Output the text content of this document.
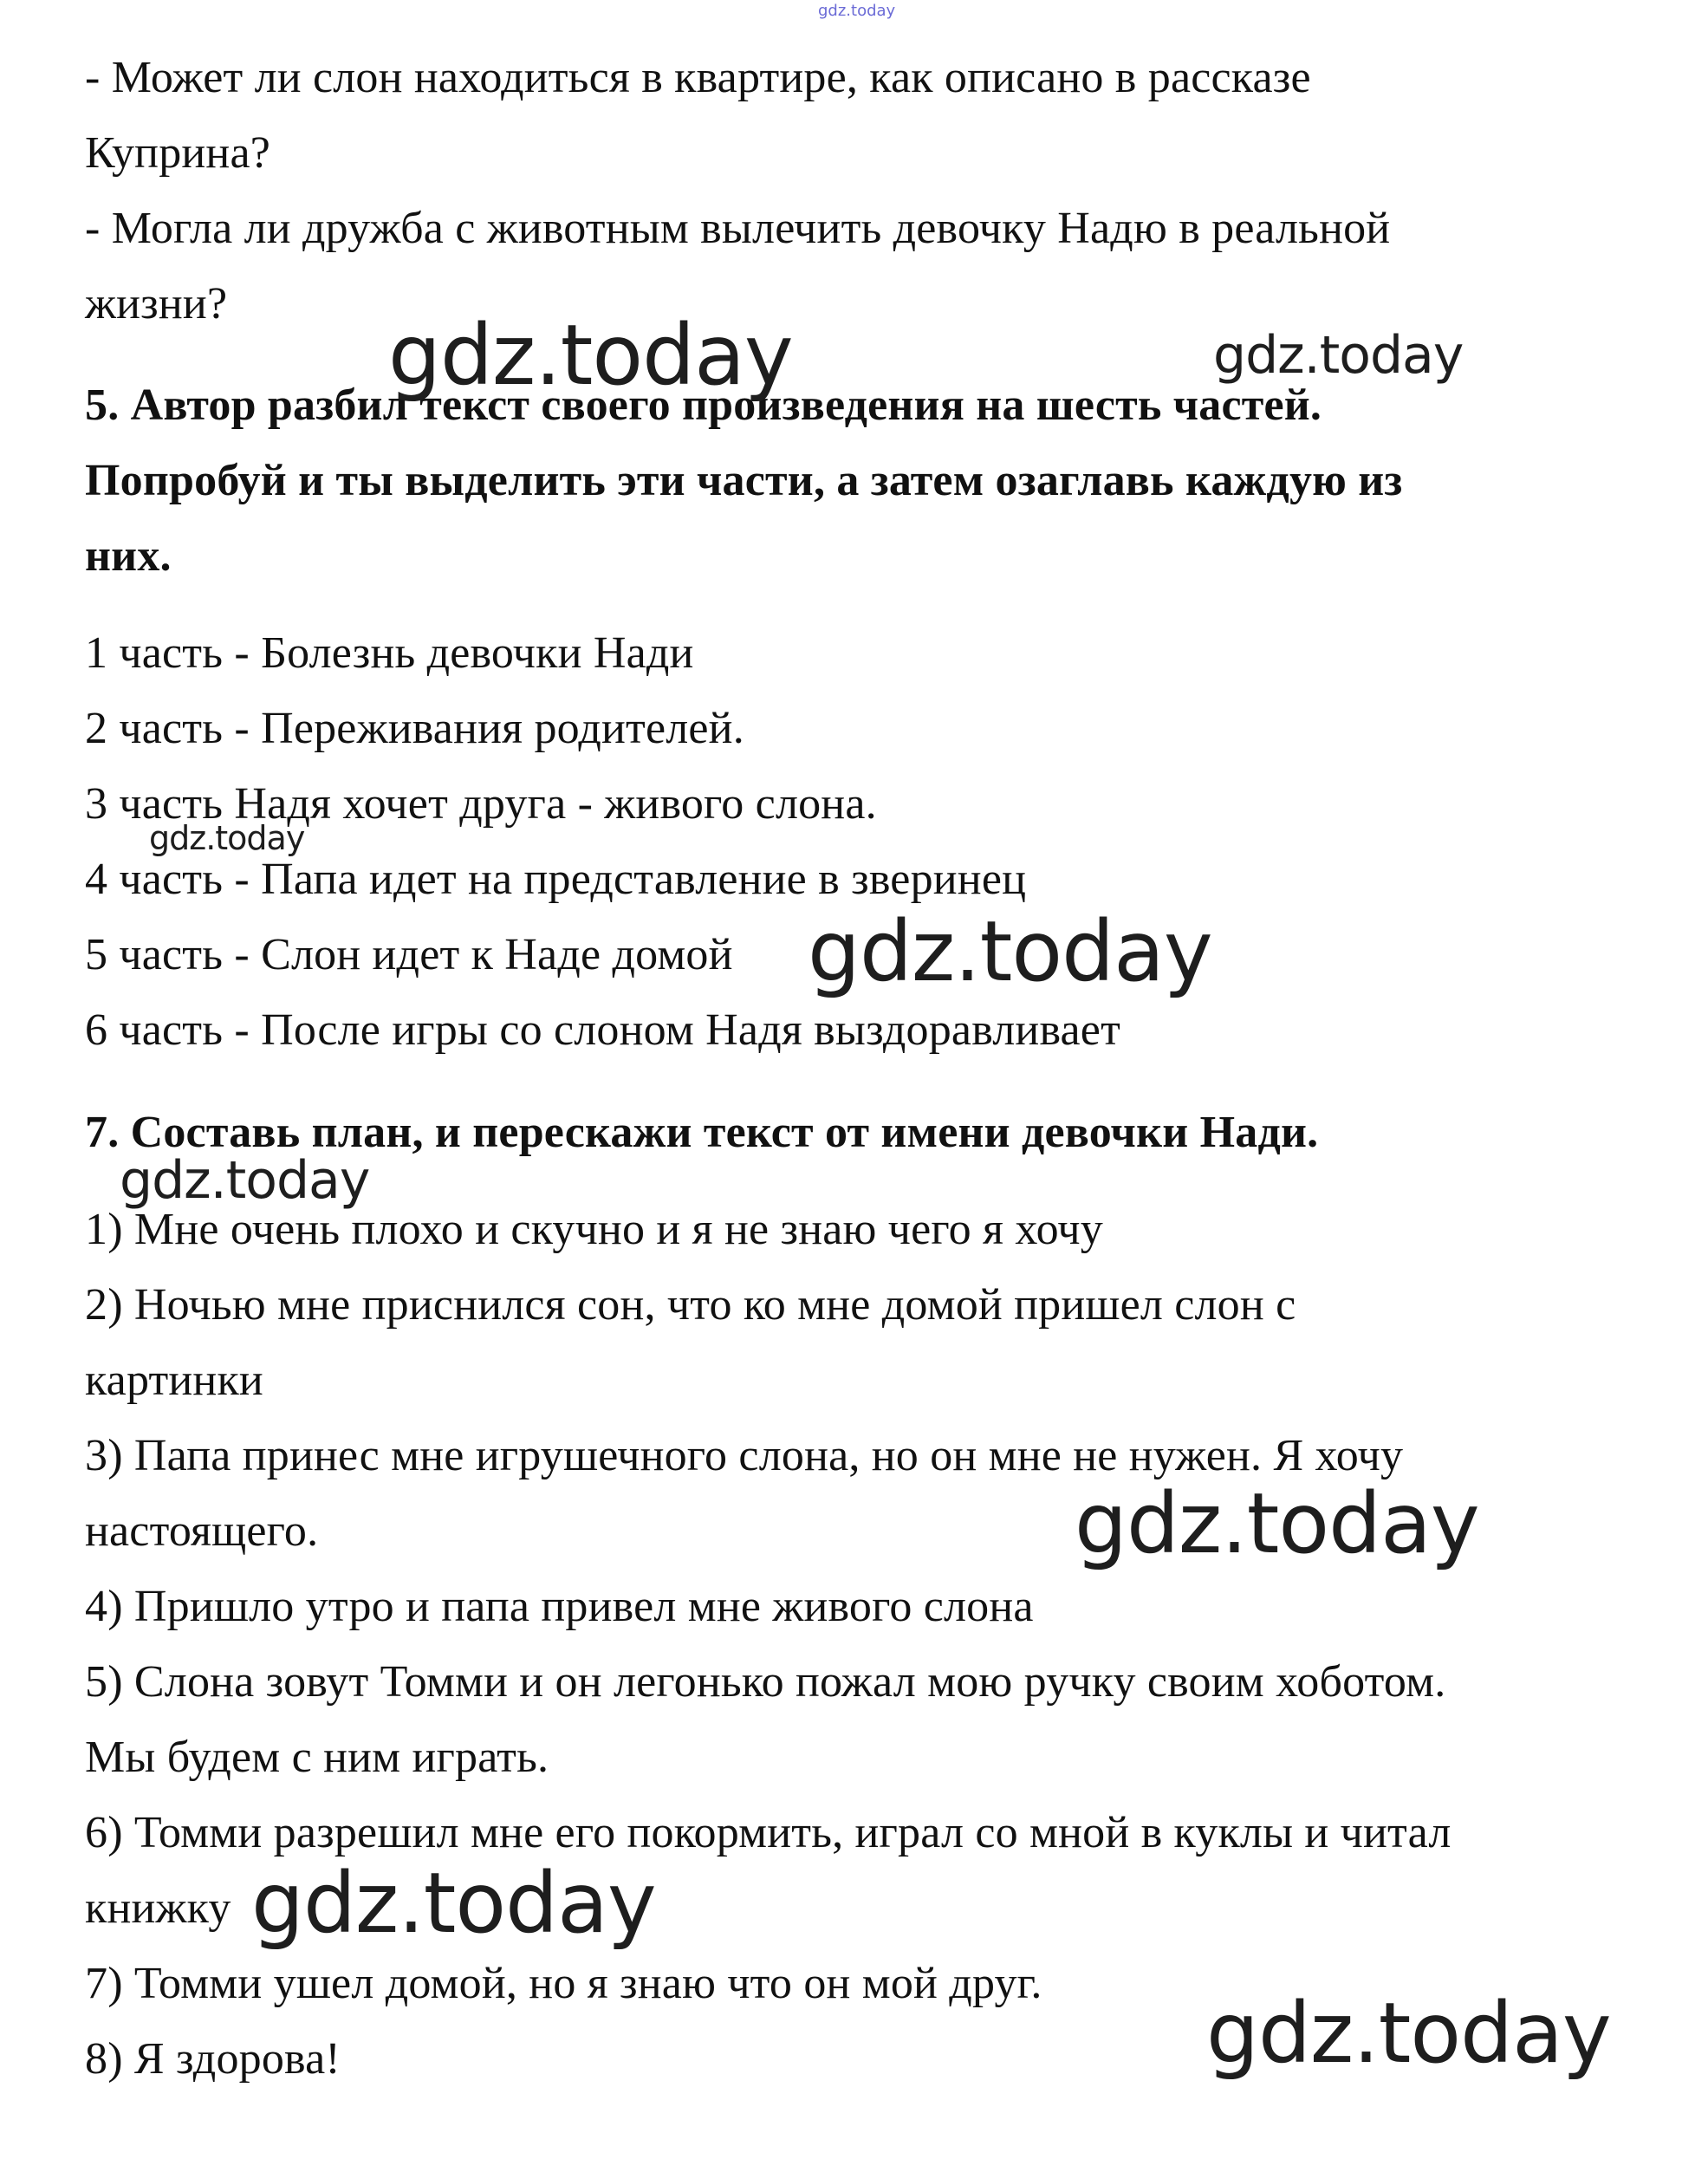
gdz.today
- Может ли слон находиться в квартире, как описано в рассказе
Куприна?
- Могла ли дружба с животным вылечить девочку Надю в реальной
жизни?
5. Автор разбил текст своего произведения на шесть частей.
Попробуй и ты выделить эти части, а затем озаглавь каждую из
них.
1 часть - Болезнь девочки Нади
2 часть - Переживания родителей.
3 часть Надя хочет друга - живого слона.
4 часть - Папа идет на представление в зверинец
5 часть - Слон идет к Наде домой
6 часть - После игры со слоном Надя выздоравливает
7. Составь план, и перескажи текст от имени девочки Нади.
1) Мне очень плохо и скучно и я не знаю чего я хочу
2) Ночью мне приснился сон, что ко мне домой пришел слон с
картинки
3) Папа принес мне игрушечного слона, но он мне не нужен. Я хочу
настоящего.
4) Пришло утро и папа привел мне живого слона
5) Слона зовут Томми и он легонько пожал мою ручку своим хоботом.
Мы будем с ним играть.
6) Томми разрешил мне его покормить, играл со мной в куклы и читал
книжку
7) Томми ушел домой, но я знаю что он мой друг.
8) Я здорова!
gdz.today	gdz.today
gdz.today
gdz.today
gdz.today
gdz.today
gdz.today
gdz.today
